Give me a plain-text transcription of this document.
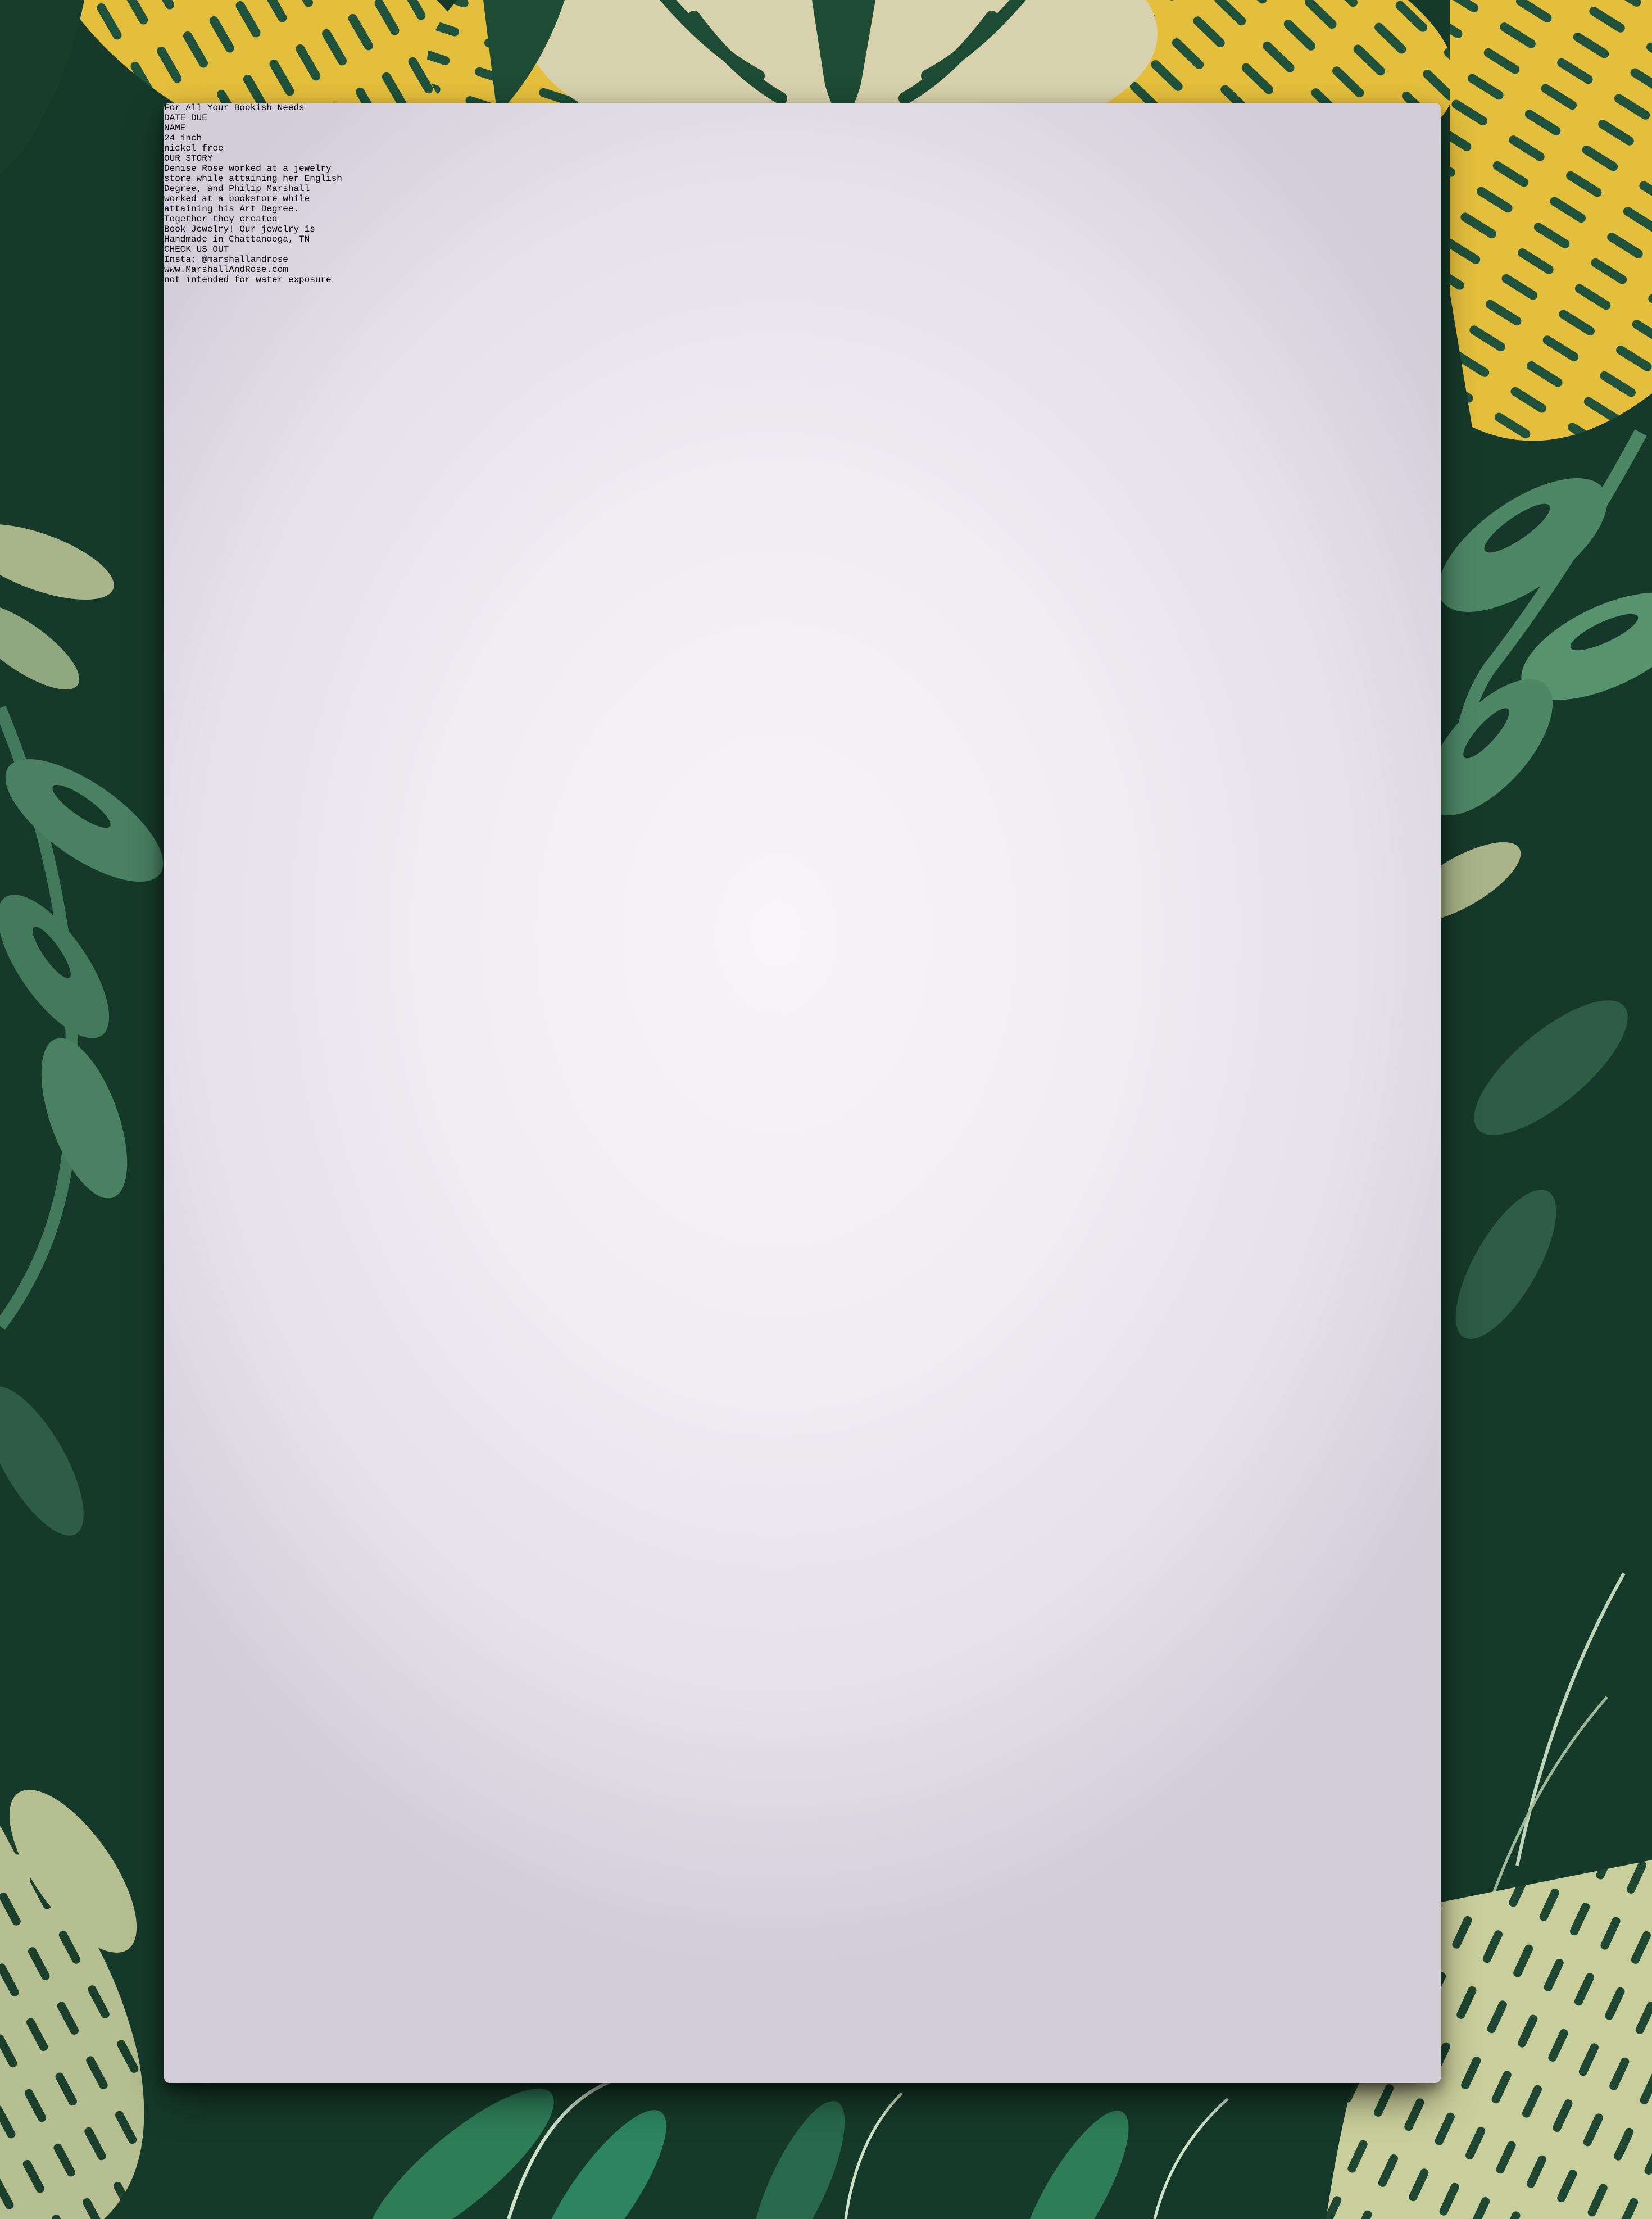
For All Your Bookish Needs
DATE DUE
NAME
24 inch
nickel free
OUR STORY
Denise Rose worked at a jewelry
store while attaining her English
Degree, and Philip Marshall
worked at a bookstore while
attaining his Art Degree.
Together they created
Book Jewelry! Our jewelry is
Handmade in Chattanooga, TN
CHECK US OUT
Insta: @marshallandrose
www.MarshallAndRose.com
not intended for water exposure
